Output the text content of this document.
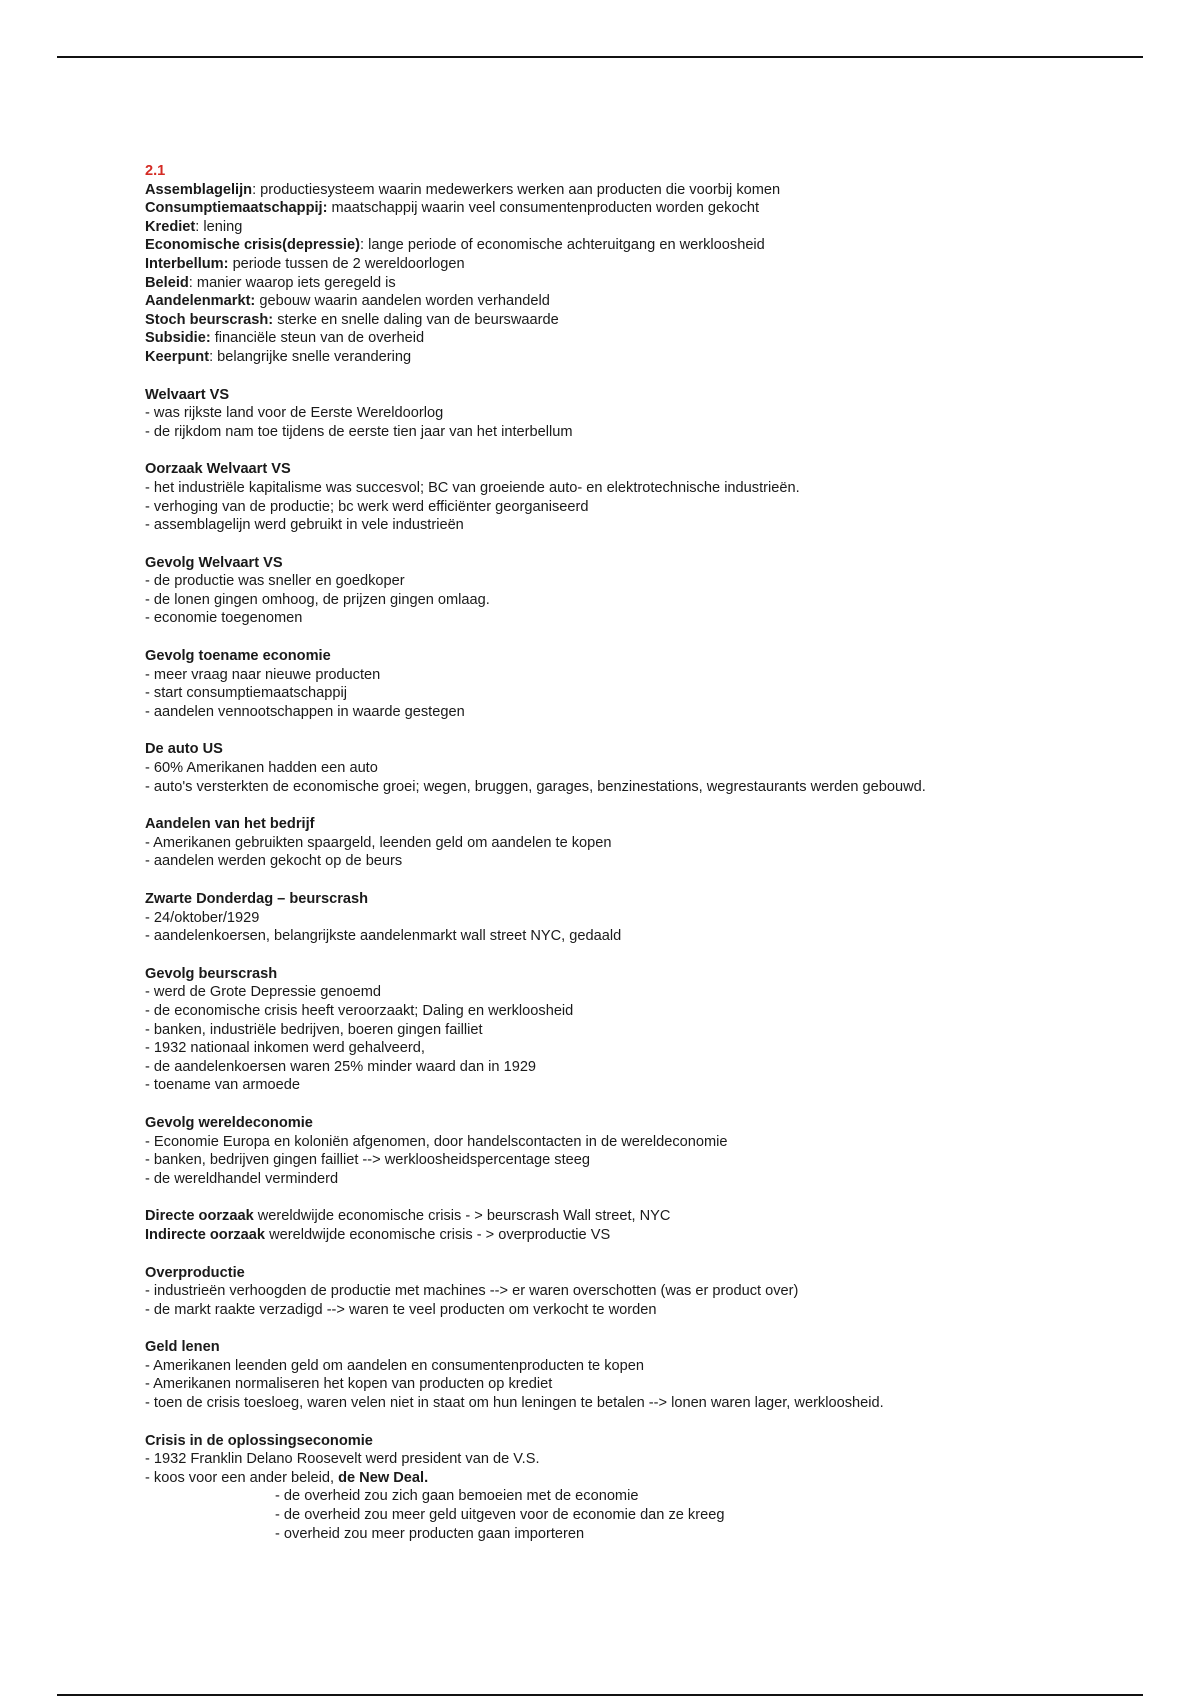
2.1

Assemblagelijn: productiesysteem waarin medewerkers werken aan producten die voorbij komen

Consumptiemaatschappij: maatschappij waarin veel consumentenproducten worden gekocht

Krediet: lening

Economische crisis(depressie): lange periode of economische achteruitgang en werkloosheid

Interbellum: periode tussen de 2 wereldoorlogen

Beleid: manier waarop iets geregeld is

Aandelenmarkt: gebouw waarin aandelen worden verhandeld

Stoch beurscrash: sterke en snelle daling van de beurswaarde

Subsidie: financiële steun van de overheid

Keerpunt: belangrijke snelle verandering

Welvaart VS

- was rijkste land voor de Eerste Wereldoorlog

- de rijkdom nam toe tijdens de eerste tien jaar van het interbellum

Oorzaak Welvaart VS

- het industriële kapitalisme was succesvol; BC van groeiende auto- en elektrotechnische industrieën.

- verhoging van de productie; bc werk werd efficiënter georganiseerd

- assemblagelijn werd gebruikt in vele industrieën

Gevolg Welvaart VS

- de productie was sneller en goedkoper

- de lonen gingen omhoog, de prijzen gingen omlaag.

- economie toegenomen

Gevolg toename economie

- meer vraag naar nieuwe producten

- start consumptiemaatschappij

- aandelen vennootschappen in waarde gestegen

De auto US

- 60% Amerikanen hadden een auto

- auto's versterkten de economische groei; wegen, bruggen, garages, benzinestations, wegrestaurants werden gebouwd.

Aandelen van het bedrijf

- Amerikanen gebruikten spaargeld, leenden geld om aandelen te kopen

- aandelen werden gekocht op de beurs

Zwarte Donderdag – beurscrash

- 24/oktober/1929

- aandelenkoersen, belangrijkste aandelenmarkt wall street NYC, gedaald

Gevolg beurscrash

- werd de Grote Depressie genoemd

- de economische crisis heeft veroorzaakt; Daling en werkloosheid

- banken, industriële bedrijven, boeren gingen failliet

- 1932 nationaal inkomen werd gehalveerd,

- de aandelenkoersen waren 25% minder waard dan in 1929

- toename van armoede

Gevolg wereldeconomie

- Economie Europa en koloniën afgenomen, door handelscontacten in de wereldeconomie

- banken, bedrijven gingen failliet --> werkloosheidspercentage steeg

- de wereldhandel verminderd

Directe oorzaak wereldwijde economische crisis - > beurscrash Wall street, NYC

Indirecte oorzaak wereldwijde economische crisis - > overproductie VS

Overproductie

- industrieën verhoogden de productie met machines --> er waren overschotten (was er product over)

- de markt raakte verzadigd --> waren te veel producten om verkocht te worden

Geld lenen

- Amerikanen leenden geld om aandelen en consumentenproducten te kopen

- Amerikanen normaliseren het kopen van producten op krediet

- toen de crisis toesloeg, waren velen niet in staat om hun leningen te betalen --> lonen waren lager, werkloosheid.

Crisis in de oplossingseconomie

- 1932 Franklin Delano Roosevelt werd president van de V.S.

- koos voor een ander beleid, de New Deal.

- de overheid zou zich gaan bemoeien met de economie

- de overheid zou meer geld uitgeven voor de economie dan ze kreeg

- overheid zou meer producten gaan importeren
